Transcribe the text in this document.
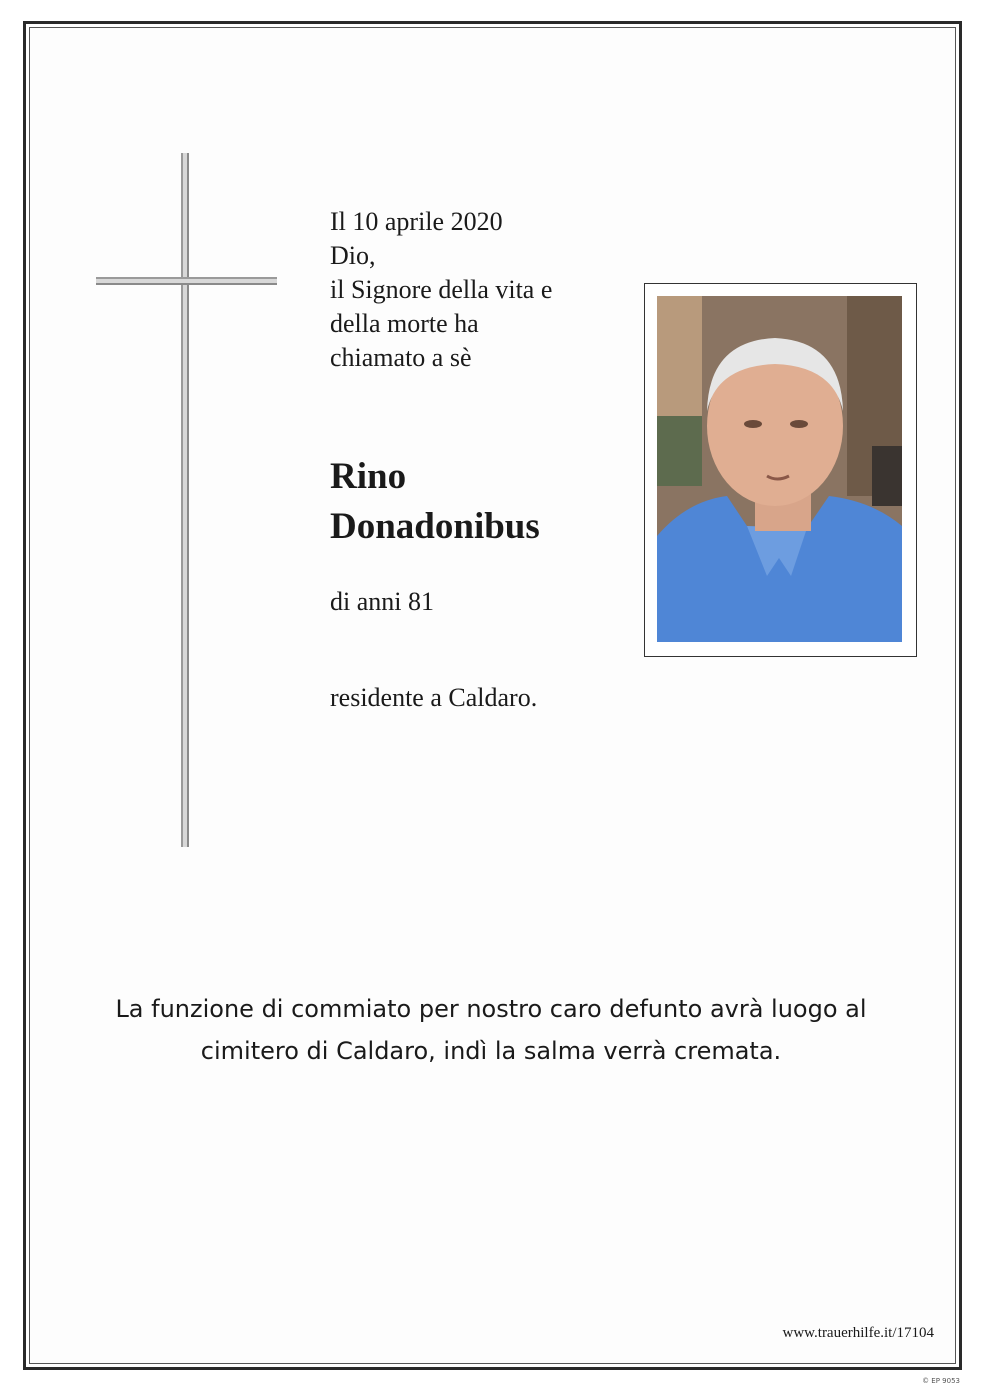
Il 10 aprile 2020
Dio,
il Signore della vita e
della morte ha
chiamato a sè
Rino
Donadonibus
di anni 81
residente a Caldaro.
La funzione di commiato per nostro caro defunto avrà luogo al
cimitero di Caldaro, indì la salma verrà cremata.
www.trauerhilfe.it/17104
© EP 9053
